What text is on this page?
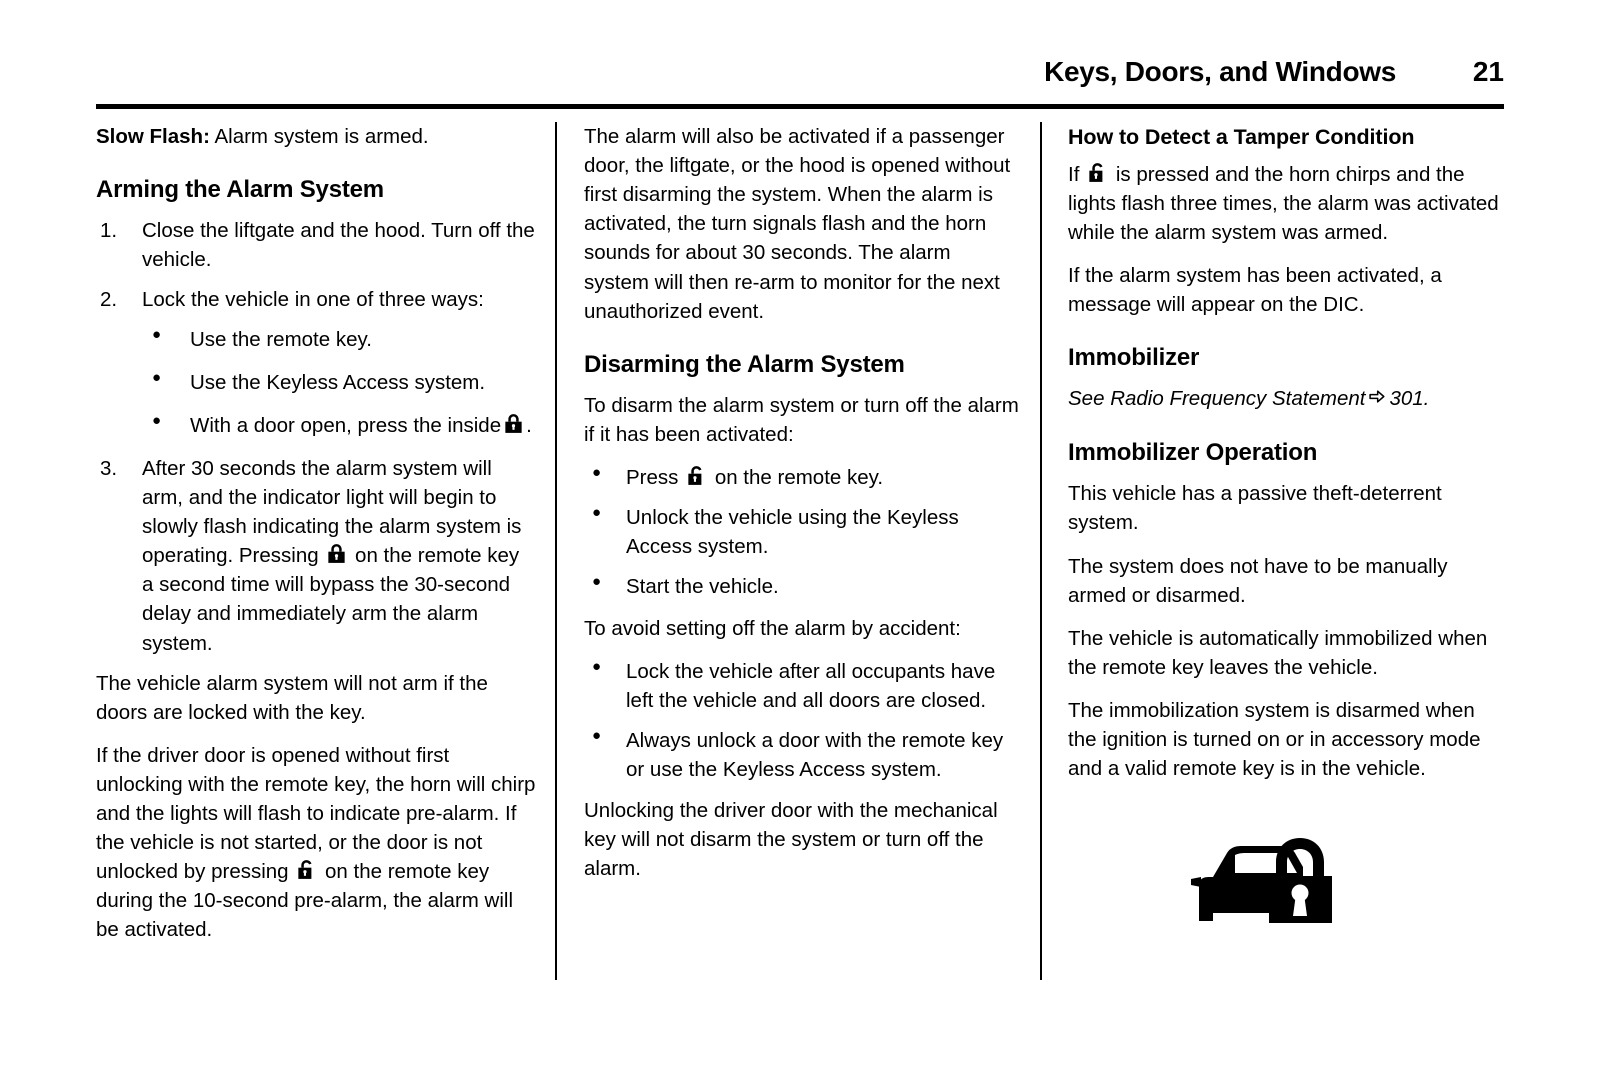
Keys, Doors, and Windows	21

Slow Flash: Alarm system is armed.

Arming the Alarm System
Close the liftgate and the hood. Turn off the vehicle.
Lock the vehicle in one of three ways:
● Use the remote key.
● Use the Keyless Access system.
● With a door open, press the inside .
After 30 seconds the alarm system will arm, and the indicator light will begin to slowly flash indicating the alarm system is operating. Pressing on the remote key a second time will bypass the 30-second delay and immediately arm the alarm system.

The vehicle alarm system will not arm if the doors are locked with the key.

If the driver door is opened without first unlocking with the remote key, the horn will chirp and the lights will flash to indicate pre-alarm. If the vehicle is not started, or the door is not unlocked by pressing on the remote key during the 10-second pre-alarm, the alarm will be activated.

The alarm will also be activated if a passenger door, the liftgate, or the hood is opened without first disarming the system. When the alarm is activated, the turn signals flash and the horn sounds for about 30 seconds. The alarm system will then re-arm to monitor for the next unauthorized event.

Disarming the Alarm System

To disarm the alarm system or turn off the alarm if it has been activated:

● Press on the remote key.
● Unlock the vehicle using the Keyless Access system.
● Start the vehicle.

To avoid setting off the alarm by accident:

● Lock the vehicle after all occupants have left the vehicle and all doors are closed.
● Always unlock a door with the remote key or use the Keyless Access system.

Unlocking the driver door with the mechanical key will not disarm the system or turn off the alarm.

How to Detect a Tamper Condition

If is pressed and the horn chirps and the lights flash three times, the alarm was activated while the alarm system was armed.

If the alarm system has been activated, a message will appear on the DIC.

Immobilizer

See Radio Frequency Statement 301.

Immobilizer Operation

This vehicle has a passive theft-deterrent system.

The system does not have to be manually armed or disarmed.

The vehicle is automatically immobilized when the remote key leaves the vehicle.

The immobilization system is disarmed when the ignition is turned on or in accessory mode and a valid remote key is in the vehicle.
